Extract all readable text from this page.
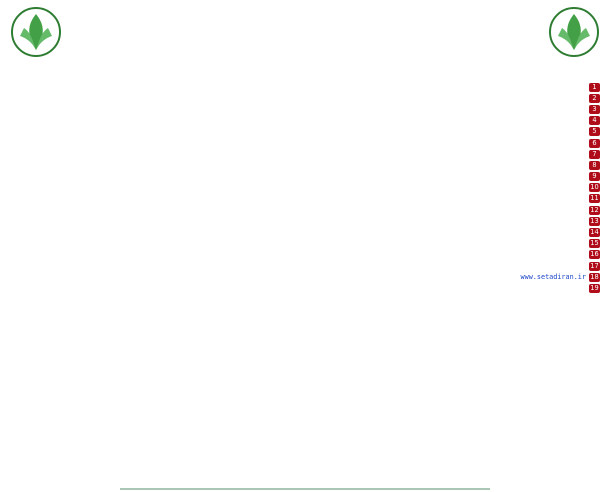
1
2
3
4
5
6
7
8
9
10
11
12
13
14
15
16
17
18
www.setadiran.ir
19
